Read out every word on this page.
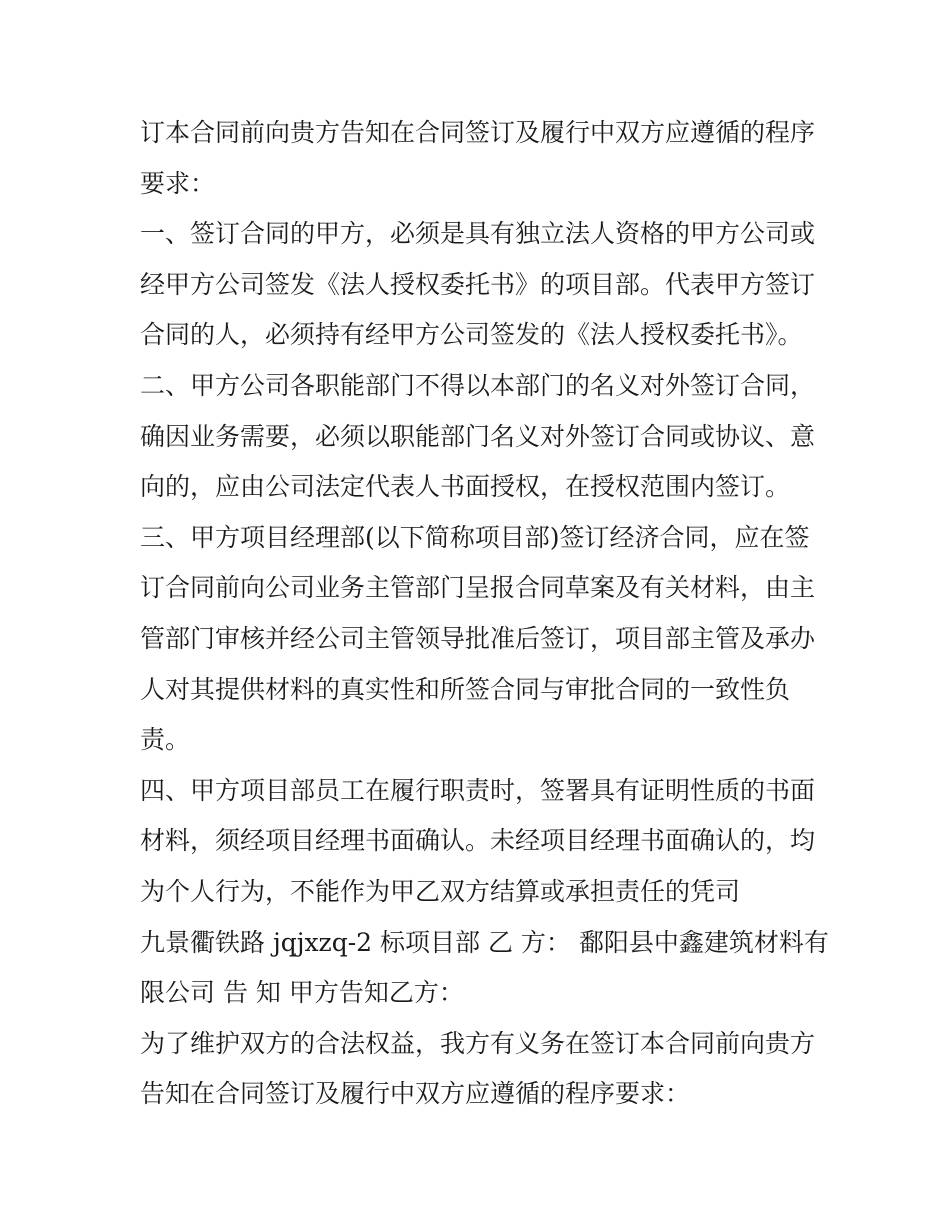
订本合同前向贵方告知在合同签订及履行中双方应遵循的程序
要求：
一、签订合同的甲方，必须是具有独立法人资格的甲方公司或
经甲方公司签发《法人授权委托书》的项目部。代表甲方签订
合同的人，必须持有经甲方公司签发的《法人授权委托书》。
二、甲方公司各职能部门不得以本部门的名义对外签订合同，
确因业务需要，必须以职能部门名义对外签订合同或协议、意
向的，应由公司法定代表人书面授权，在授权范围内签订。
三、甲方项目经理部(以下简称项目部)签订经济合同，应在签
订合同前向公司业务主管部门呈报合同草案及有关材料，由主
管部门审核并经公司主管领导批准后签订，项目部主管及承办
人对其提供材料的真实性和所签合同与审批合同的一致性负
责。
四、甲方项目部员工在履行职责时，签署具有证明性质的书面
材料，须经项目经理书面确认。未经项目经理书面确认的，均
为个人行为，不能作为甲乙双方结算或承担责任的凭司
九景衢铁路 jqjxzq-2 标项目部 乙 方： 鄱阳县中鑫建筑材料有
限公司 告 知 甲方告知乙方：
为了维护双方的合法权益，我方有义务在签订本合同前向贵方
告知在合同签订及履行中双方应遵循的程序要求：
